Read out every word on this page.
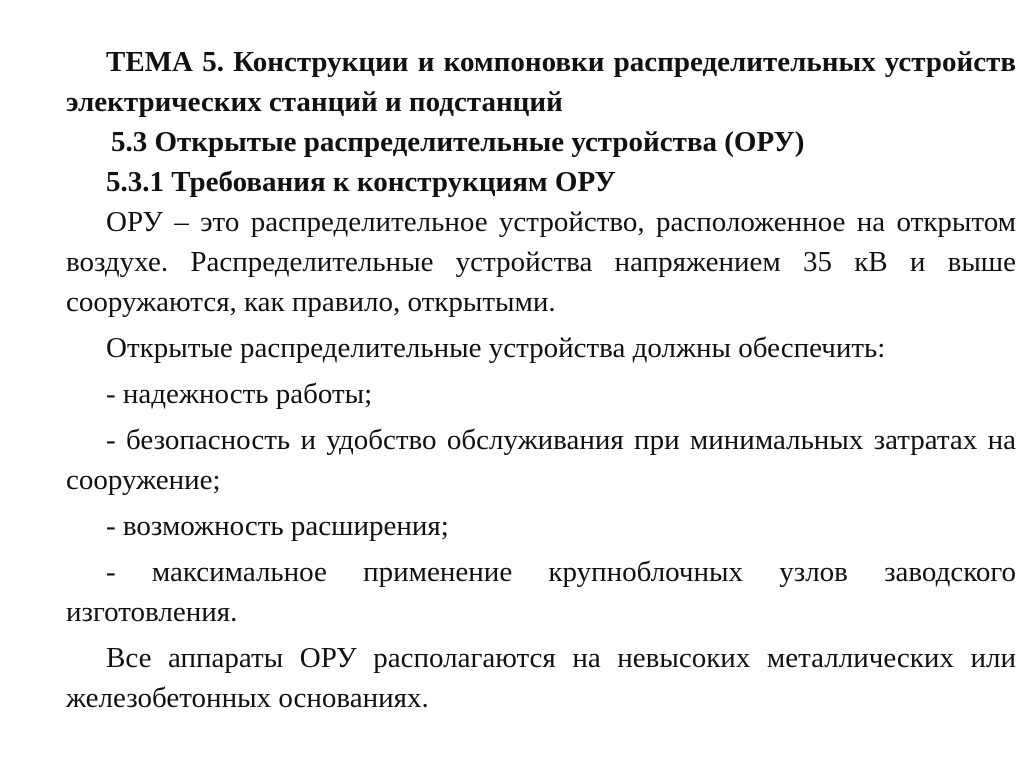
ТЕМА 5. Конструкции и компоновки распределительных устройств электрических станций и подстанций

5.3 Открытые распределительные устройства (ОРУ)

5.3.1 Требования к конструкциям ОРУ

ОРУ – это распределительное устройство, расположенное на открытом воздухе. Распределительные устройства напряжением 35 кВ и выше сооружаются, как правило, открытыми.

Открытые распределительные устройства должны обеспечить:

- надежность работы;

- безопасность и удобство обслуживания при минимальных затратах на сооружение;

- возможность расширения;

- максимальное применение крупноблочных узлов заводского изготовления.

Все аппараты ОРУ располагаются на невысоких металлических или железобетонных основаниях.
